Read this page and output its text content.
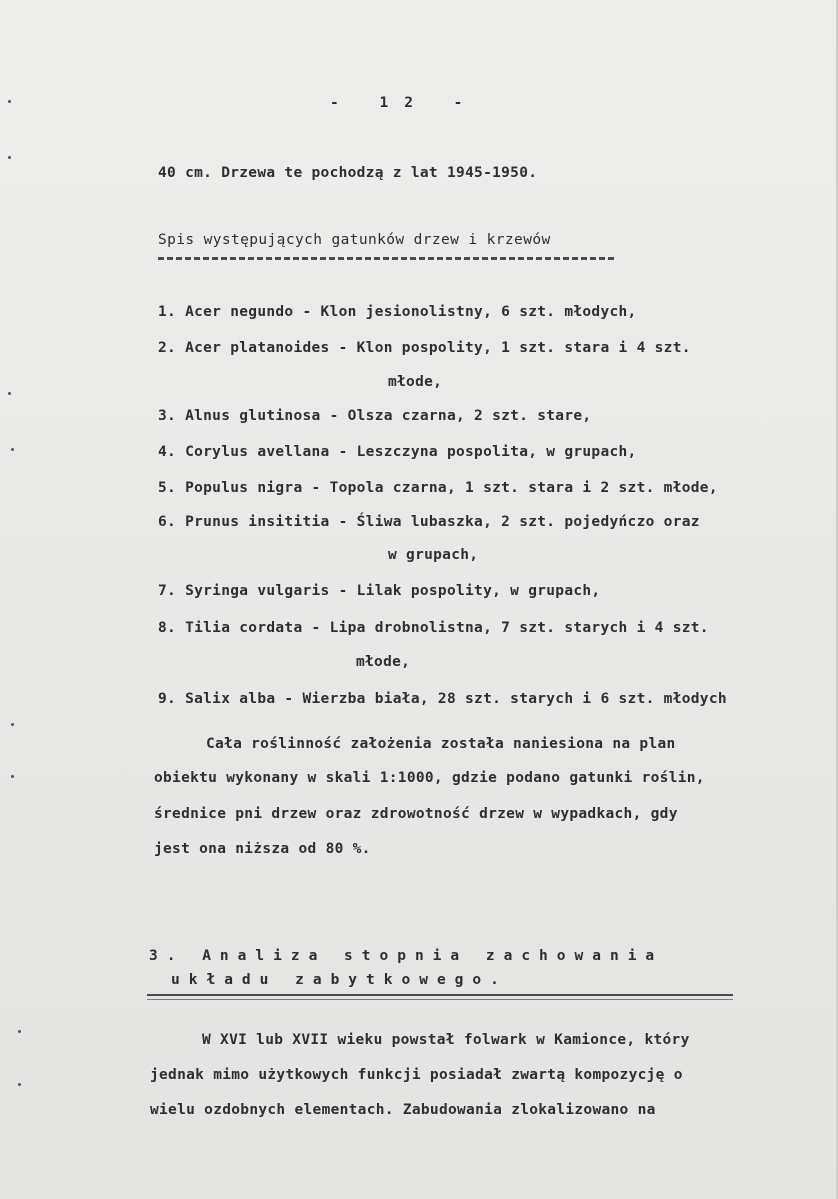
- 12 -
40 cm. Drzewa te pochodzą z lat 1945-1950.
Spis występujących gatunków drzew i krzewów
1. Acer negundo - Klon jesionolistny, 6 szt. młodych,
2. Acer platanoides - Klon pospolity, 1 szt. stara i 4 szt.
młode,
3. Alnus glutinosa - Olsza czarna, 2 szt. stare,
4. Corylus avellana - Leszczyna pospolita, w grupach,
5. Populus nigra - Topola czarna, 1 szt. stara i 2 szt. młode,
6. Prunus insititia - Śliwa lubaszka, 2 szt. pojedyńczo oraz
w grupach,
7. Syringa vulgaris - Lilak pospolity, w grupach,
8. Tilia cordata - Lipa drobnolistna, 7 szt. starych i 4 szt.
młode,
9. Salix alba - Wierzba biała, 28 szt. starych i 6 szt. młodych
Cała roślinność założenia została naniesiona na plan
obiektu wykonany w skali 1:1000, gdzie podano gatunki roślin,
średnice pni drzew oraz zdrowotność drzew w wypadkach, gdy
jest ona niższa od 80 %.
3. Analiza stopnia zachowania
układu zabytkowego.
W XVI lub XVII wieku powstał folwark w Kamionce, który
jednak mimo użytkowych funkcji posiadał zwartą kompozycję o
wielu ozdobnych elementach. Zabudowania zlokalizowano na
